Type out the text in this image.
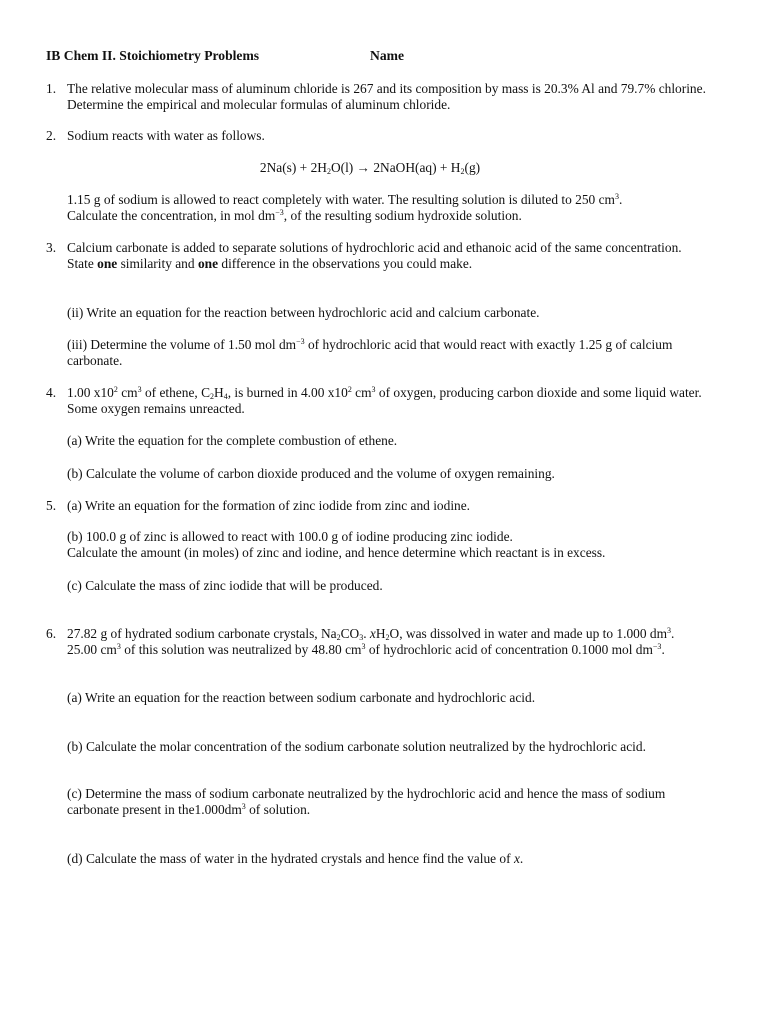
IB Chem II. Stoichiometry Problems	Name
1. The relative molecular mass of aluminum chloride is 267 and its composition by mass is 20.3% Al and 79.7% chlorine. Determine the empirical and molecular formulas of aluminum chloride.
2. Sodium reacts with water as follows.
$2Na(s) + 2H_2O(l)$ → 2NaOH(aq) + $H_2(g)$
1.15 g of sodium is allowed to react completely with water. The resulting solution is diluted to 250 $cm^3$.
Calculate the concentration, in mol $dm^{-3}$, of the resulting sodium hydroxide solution.
3. Calcium carbonate is added to separate solutions of hydrochloric acid and ethanoic acid of the same concentration. State one similarity and one difference in the observations you could make.
(ii) Write an equation for the reaction between hydrochloric acid and calcium carbonate.
(iii) Determine the volume of 1.50 mol $dm^{-3}$ of hydrochloric acid that would react with exactly 1.25 g of calcium carbonate.
4. 1.00 $x10^2$ $cm^3$ of ethene, $C_2H_4$, is burned in 4.00 $x10^2$ $cm^3$ of oxygen, producing carbon dioxide and some liquid water. Some oxygen remains unreacted.
(a) Write the equation for the complete combustion of ethene.
(b) Calculate the volume of carbon dioxide produced and the volume of oxygen remaining.
5. (a) Write an equation for the formation of zinc iodide from zinc and iodine.
(b) 100.0 g of zinc is allowed to react with 100.0 g of iodine producing zinc iodide.
Calculate the amount (in moles) of zinc and iodine, and hence determine which reactant is in excess.
(c) Calculate the mass of zinc iodide that will be produced.
6. 27.82 g of hydrated sodium carbonate crystals, $Na_2CO_3$. $xH_2O$, was dissolved in water and made up to 1.000 $dm^3$. 25.00 $cm^3$ of this solution was neutralized by 48.80 $cm^3$ of hydrochloric acid of concentration 0.1000 mol $dm^{-3}$.
(a) Write an equation for the reaction between sodium carbonate and hydrochloric acid.
(b) Calculate the molar concentration of the sodium carbonate solution neutralized by the hydrochloric acid.
(c) Determine the mass of sodium carbonate neutralized by the hydrochloric acid and hence the mass of sodium carbonate present in $the1.000dm^3$ of solution.
(d) Calculate the mass of water in the hydrated crystals and hence find the value of x.
